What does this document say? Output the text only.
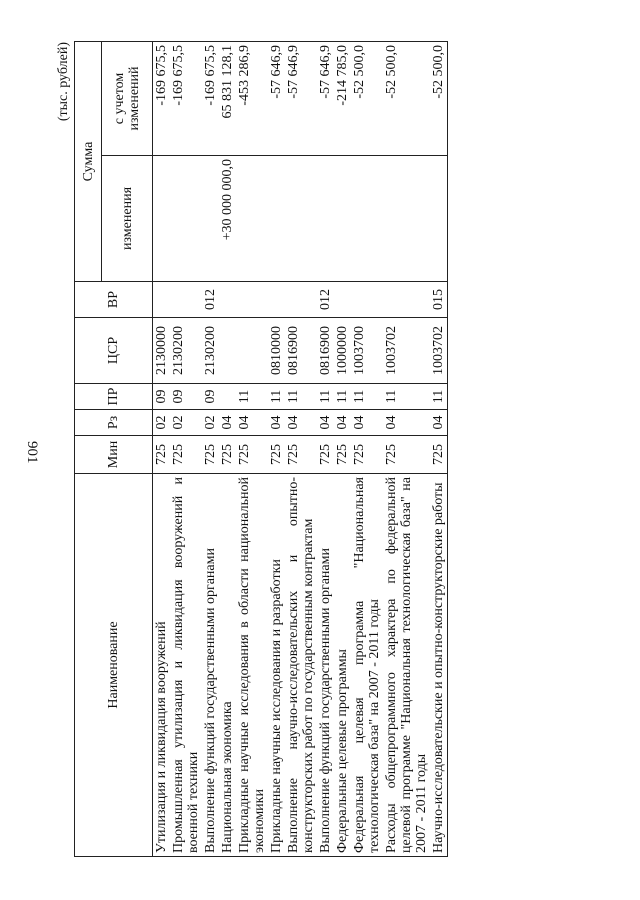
901
(тыс. рублей)
Наименование	Мин	Рз	ПР	ЦСР	ВР	Сумма	
						изменения	с учетом изменений
Утилизация и ликвидация вооружений	725	02	09	2130000			-169 675,5
Промышленная утилизация и ликвидация вооружений и военной техники	725	02	09	2130200			-169 675,5
Выполнение функций государственными органами	725	02	09	2130200	012		-169 675,5
Национальная экономика	725	04				+30 000 000,0	65 831 128,1
Прикладные научные исследования в области национальной экономики	725	04	11				-453 286,9
Прикладные научные исследования и разработки	725	04	11	0810000			-57 646,9
Выполнение научно-исследовательских и опытно-конструкторских работ по государственным контрактам	725	04	11	0816900			-57 646,9
Выполнение функций государственными органами	725	04	11	0816900	012		-57 646,9
Федеральные целевые программы	725	04	11	1000000			-214 785,0
Федеральная целевая программа "Национальная технологическая база" на 2007 - 2011 годы	725	04	11	1003700			-52 500,0
Расходы общепрограммного характера по федеральной целевой программе "Национальная технологическая база" на 2007 - 2011 годы	725	04	11	1003702			-52 500,0
Научно-исследовательские и опытно-конструкторские работы	725	04	11	1003702	015		-52 500,0
